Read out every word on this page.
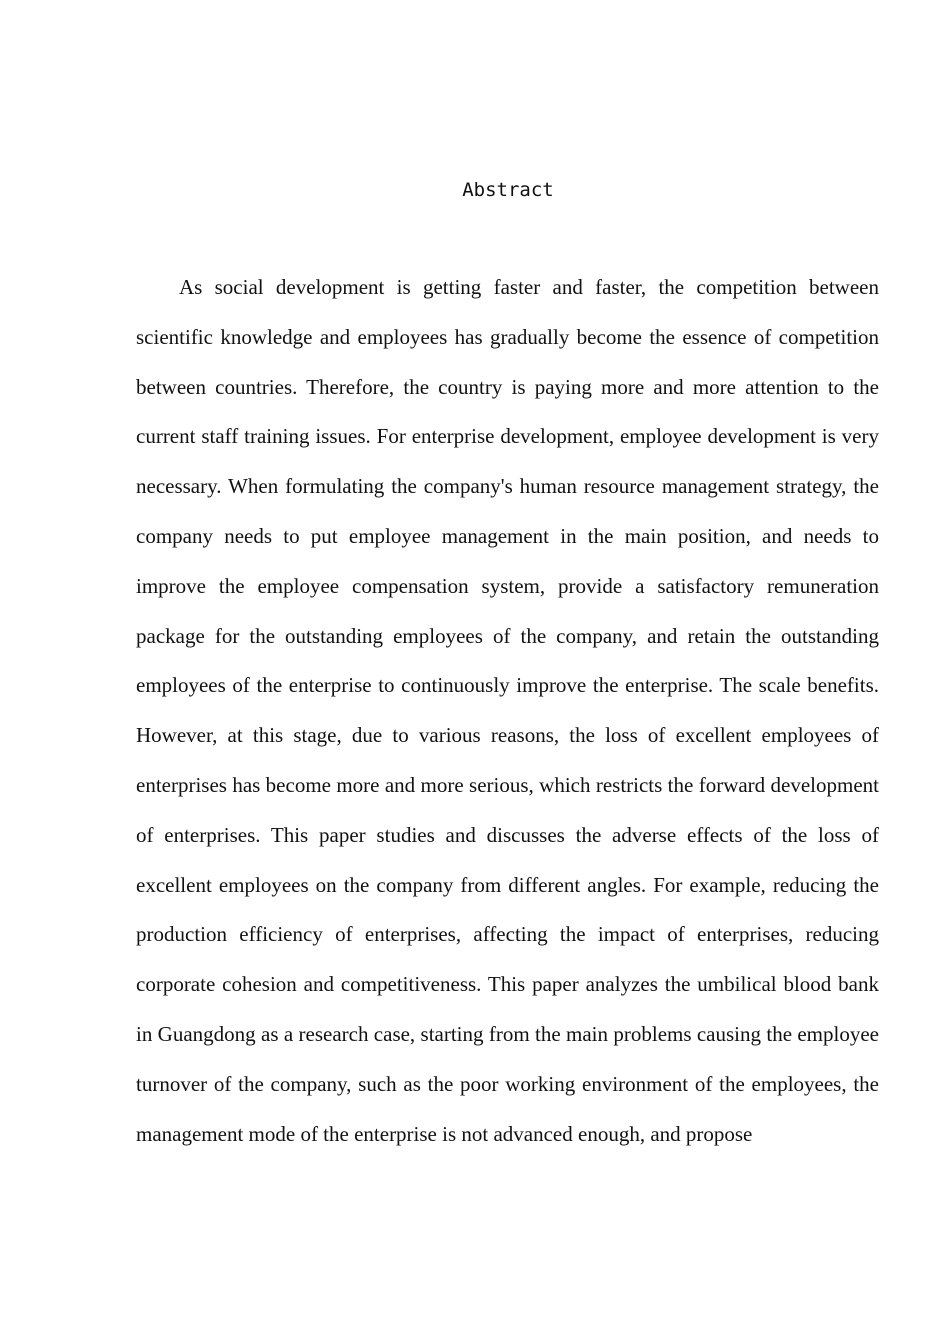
Abstract

As social development is getting faster and faster, the competition between scientific knowledge and employees has gradually become the essence of competition between countries. Therefore, the country is paying more and more attention to the current staff training issues. For enterprise development, employee development is very necessary. When formulating the company's human resource management strategy, the company needs to put employee management in the main position, and needs to improve the employee compensation system, provide a satisfactory remuneration package for the outstanding employees of the company, and retain the outstanding employees of the enterprise to continuously improve the enterprise. The scale benefits. However, at this stage, due to various reasons, the loss of excellent employees of enterprises has become more and more serious, which restricts the forward development of enterprises. This paper studies and discusses the adverse effects of the loss of excellent employees on the company from different angles. For example, reducing the production efficiency of enterprises, affecting the impact of enterprises, reducing corporate cohesion and competitiveness. This paper analyzes the umbilical blood bank in Guangdong as a research case, starting from the main problems causing the employee turnover of the company, such as the poor working environment of the employees, the management mode of the enterprise is not advanced enough, and propose
